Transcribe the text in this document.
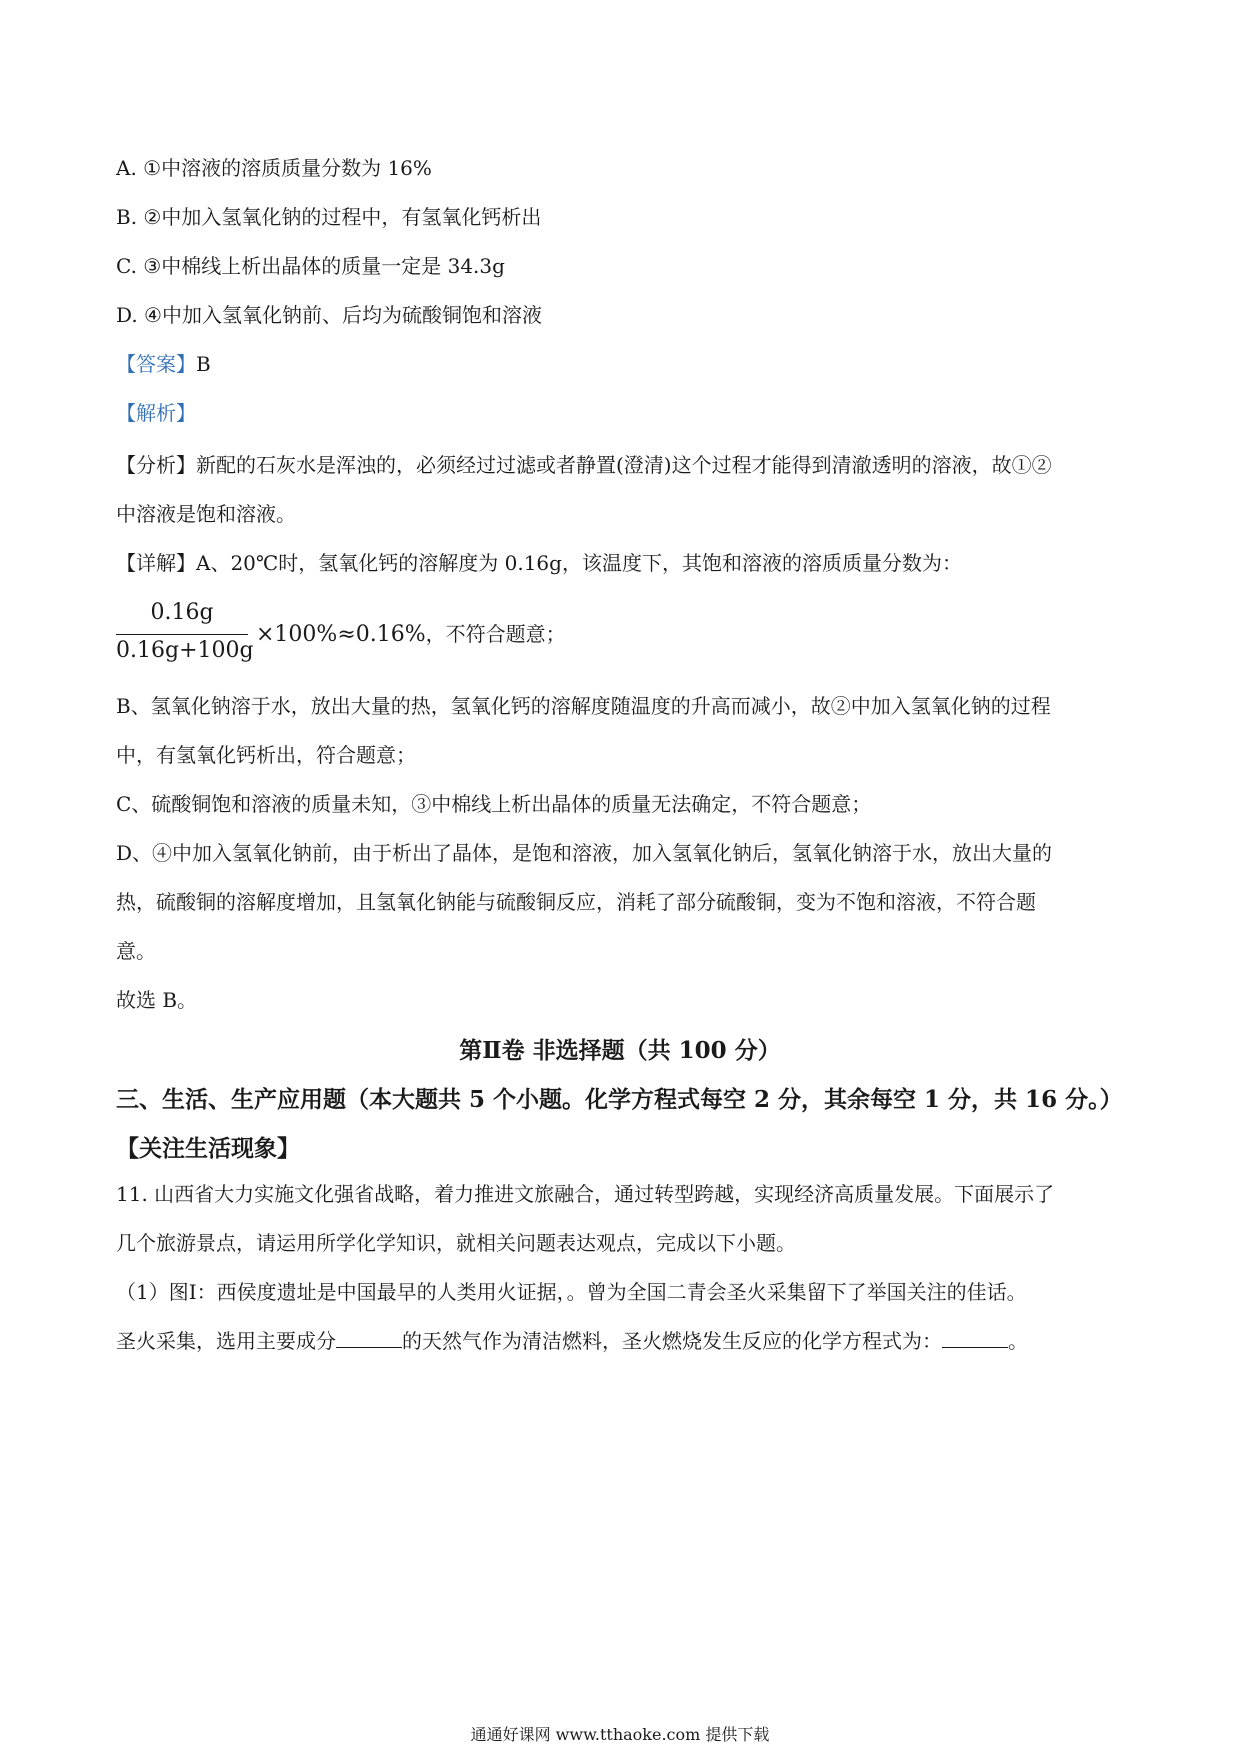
A. ①中溶液的溶质质量分数为 16%
B. ②中加入氢氧化钠的过程中，有氢氧化钙析出
C. ③中棉线上析出晶体的质量一定是 34.3g
D. ④中加入氢氧化钠前、后均为硫酸铜饱和溶液
【答案】B
【解析】
【分析】新配的石灰水是浑浊的，必须经过过滤或者静置(澄清)这个过程才能得到清澈透明的溶液，故①②
中溶液是饱和溶液。
【详解】A、20℃时，氢氧化钙的溶解度为 0.16g，该温度下，其饱和溶液的溶质质量分数为：
0.16g
0.16g+100g
×100%≈0.16%，不符合题意；
B、氢氧化钠溶于水，放出大量的热，氢氧化钙的溶解度随温度的升高而减小，故②中加入氢氧化钠的过程
中，有氢氧化钙析出，符合题意；
C、硫酸铜饱和溶液的质量未知，③中棉线上析出晶体的质量无法确定，不符合题意；
D、④中加入氢氧化钠前，由于析出了晶体，是饱和溶液，加入氢氧化钠后，氢氧化钠溶于水，放出大量的
热，硫酸铜的溶解度增加，且氢氧化钠能与硫酸铜反应，消耗了部分硫酸铜，变为不饱和溶液，不符合题
意。
故选 B。
第Ⅱ卷 非选择题（共 100 分）
三、生活、生产应用题（本大题共 5 个小题。化学方程式每空 2 分，其余每空 1 分，共 16 分。）
【关注生活现象】
11. 山西省大力实施文化强省战略，着力推进文旅融合，通过转型跨越，实现经济高质量发展。下面展示了
几个旅游景点，请运用所学化学知识，就相关问题表达观点，完成以下小题。
（1）图Ⅰ：西侯度遗址是中国最早的人类用火证据，。曾为全国二青会圣火采集留下了举国关注的佳话。
圣火采集，选用主要成分	的天然气作为清洁燃料，圣火燃烧发生反应的化学方程式为：	。
通通好课网 www.tthaoke.com 提供下载
